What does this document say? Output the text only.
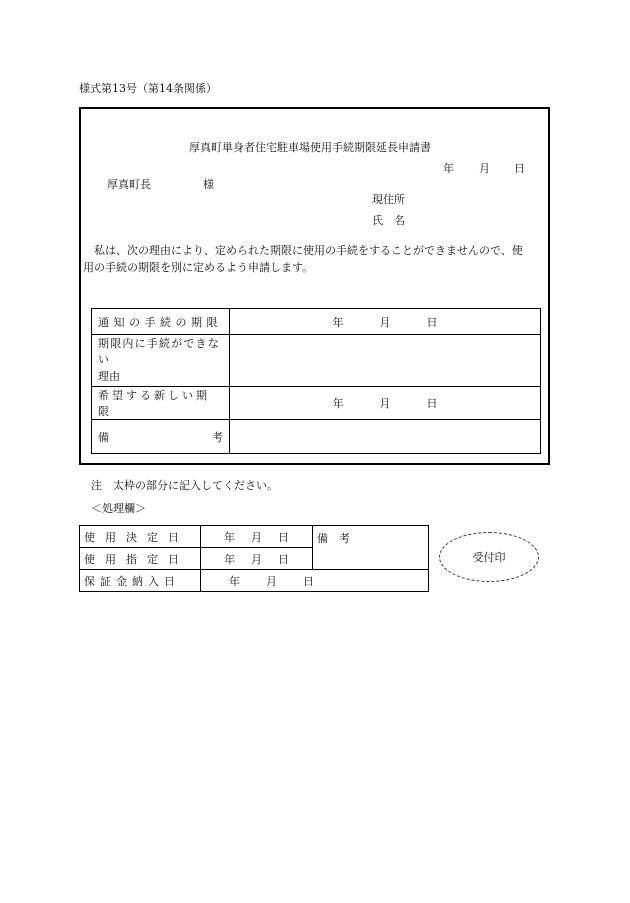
様式第13号（第14条関係）
厚真町単身者住宅駐車場使用手続期限延長申請書
年 月 日
厚真町長	様
現住所
氏　名
私は、次の理由により、定められた期限に使用の手続をすることができませんので、使
用の手続の期限を別に定めるよう申請します。
通知の手続の期限	年 月 日

期限内に手続ができない
理由	

希望する新しい期限	年 月 日

備 考	

注　太枠の部分に記入してください。
＜処理欄＞
使用決定日	年 月 日	備　考
使用指定日	年 月 日	
保証金納入日	年 月 日	
受付印
